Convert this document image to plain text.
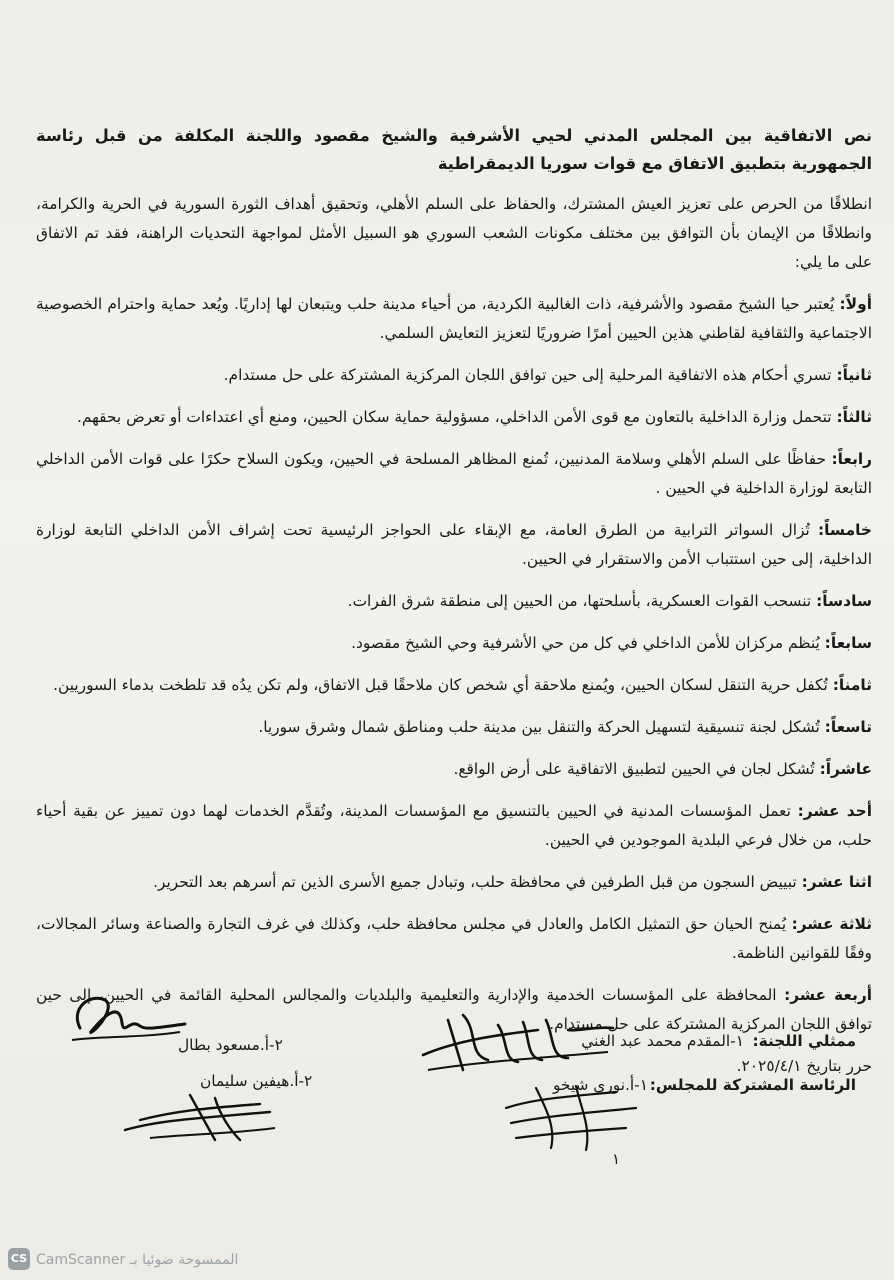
نص الاتفاقية بين المجلس المدني لحيي الأشرفية والشيخ مقصود واللجنة المكلفة من قبل رئاسة الجمهورية بتطبيق الاتفاق مع قوات سوريا الديمقراطية

انطلاقًا من الحرص على تعزيز العيش المشترك، والحفاظ على السلم الأهلي، وتحقيق أهداف الثورة السورية في الحرية والكرامة، وانطلاقًا من الإيمان بأن التوافق بين مختلف مكونات الشعب السوري هو السبيل الأمثل لمواجهة التحديات الراهنة، فقد تم الاتفاق على ما يلي:

أولاً: يُعتبر حيا الشيخ مقصود والأشرفية، ذات الغالبية الكردية، من أحياء مدينة حلب ويتبعان لها إداريًا. ويُعد حماية واحترام الخصوصية الاجتماعية والثقافية لقاطني هذين الحيين أمرًا ضروريًا لتعزيز التعايش السلمي.

ثانياً: تسري أحكام هذه الاتفاقية المرحلية إلى حين توافق اللجان المركزية المشتركة على حل مستدام.

ثالثاً: تتحمل وزارة الداخلية بالتعاون مع قوى الأمن الداخلي، مسؤولية حماية سكان الحيين، ومنع أي اعتداءات أو تعرض بحقهم.

رابعاً: حفاظًا على السلم الأهلي وسلامة المدنيين، تُمنع المظاهر المسلحة في الحيين، ويكون السلاح حكرًا على قوات الأمن الداخلي التابعة لوزارة الداخلية في الحيين .

خامساً: تُزال السواتر الترابية من الطرق العامة، مع الإبقاء على الحواجز الرئيسية تحت إشراف الأمن الداخلي التابعة لوزارة الداخلية، إلى حين استتباب الأمن والاستقرار في الحيين.

سادساً: تنسحب القوات العسكرية، بأسلحتها، من الحيين إلى منطقة شرق الفرات.

سابعاً: يُنظم مركزان للأمن الداخلي في كل من حي الأشرفية وحي الشيخ مقصود.

ثامناً: تُكفل حرية التنقل لسكان الحيين، ويُمنع ملاحقة أي شخص كان ملاحقًا قبل الاتفاق، ولم تكن يدُه قد تلطخت بدماء السوريين.

تاسعاً: تُشكل لجنة تنسيقية لتسهيل الحركة والتنقل بين مدينة حلب ومناطق شمال وشرق سوريا.

عاشراً: تُشكل لجان في الحيين لتطبيق الاتفاقية على أرض الواقع.

أحد عشر: تعمل المؤسسات المدنية في الحيين بالتنسيق مع المؤسسات المدينة، وتُقدَّم الخدمات لهما دون تمييز عن بقية أحياء حلب، من خلال فرعي البلدية الموجودين في الحيين.

اثنا عشر: تبييض السجون من قبل الطرفين في محافظة حلب، وتبادل جميع الأسرى الذين تم أسرهم بعد التحرير.

ثلاثة عشر: يُمنح الحيان حق التمثيل الكامل والعادل في مجلس محافظة حلب، وكذلك في غرف التجارة والصناعة وسائر المجالات، وفقًا للقوانين الناظمة.

أربعة عشر: المحافظة على المؤسسات الخدمية والإدارية والتعليمية والبلديات والمجالس المحلية القائمة في الحيين، إلى حين توافق اللجان المركزية المشتركة على حل مستدام.

حرر بتاريخ ٢٠٢٥/٤/١.

ممثلي اللجنة:
١-المقدم محمد عبد الغني
الرئاسة المشتركة للمجلس:
١-أ.نوري شيخو
٢-أ.مسعود بطال
٢-أ.هيفين سليمان
١
CS الممسوحة ضوئيا بـ CamScanner
